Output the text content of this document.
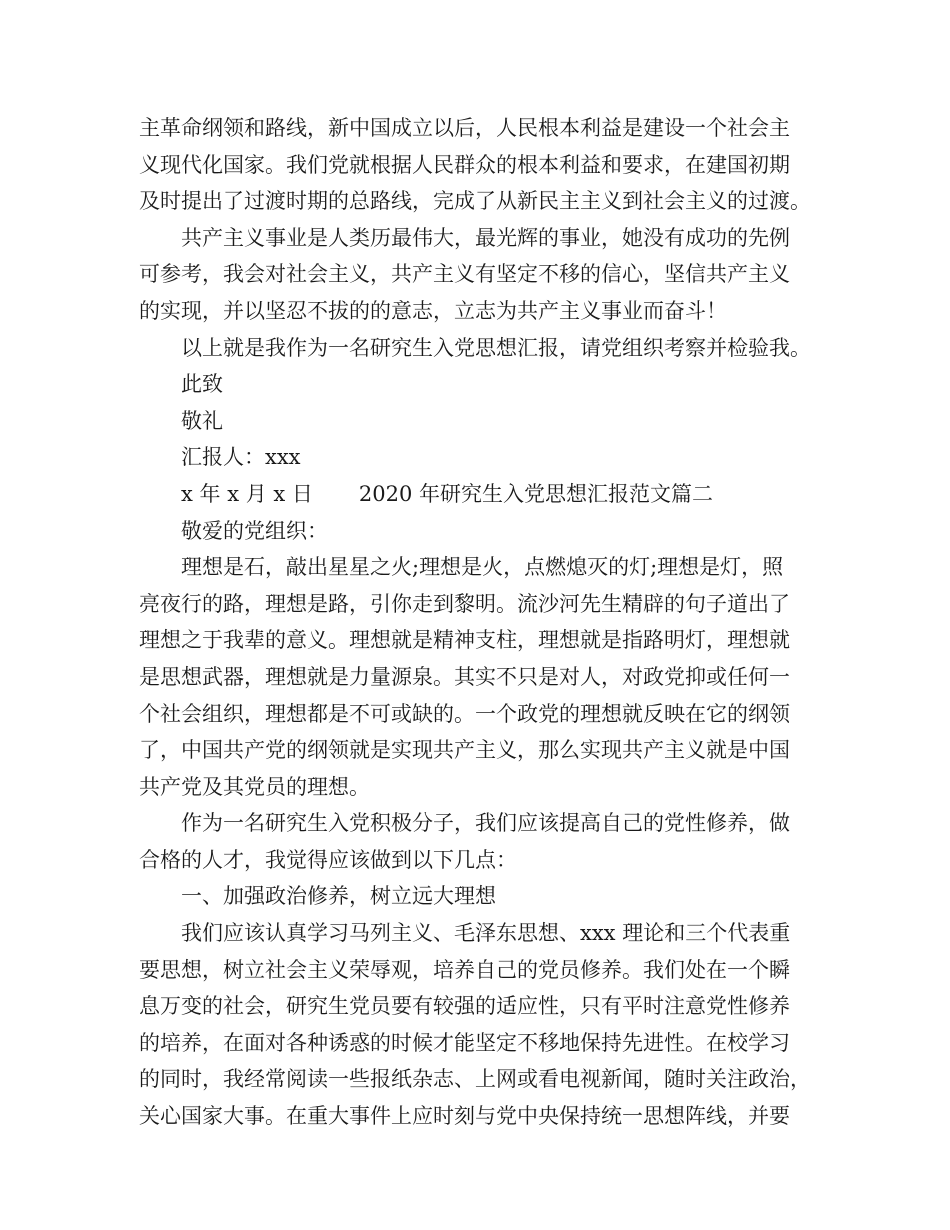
主革命纲领和路线，新中国成立以后，人民根本利益是建设一个社会主
义现代化国家。我们党就根据人民群众的根本利益和要求，在建国初期
及时提出了过渡时期的总路线，完成了从新民主主义到社会主义的过渡。
共产主义事业是人类历最伟大，最光辉的事业，她没有成功的先例
可参考，我会对社会主义，共产主义有坚定不移的信心，坚信共产主义
的实现，并以坚忍不拔的的意志，立志为共产主义事业而奋斗！
以上就是我作为一名研究生入党思想汇报，请党组织考察并检验我。
此致
敬礼
汇报人：xxx
x 年 x 月 x 日 2020 年研究生入党思想汇报范文篇二
敬爱的党组织：
理想是石，敲出星星之火;理想是火，点燃熄灭的灯;理想是灯，照
亮夜行的路，理想是路，引你走到黎明。流沙河先生精辟的句子道出了
理想之于我辈的意义。理想就是精神支柱，理想就是指路明灯，理想就
是思想武器，理想就是力量源泉。其实不只是对人，对政党抑或任何一
个社会组织，理想都是不可或缺的。一个政党的理想就反映在它的纲领
了，中国共产党的纲领就是实现共产主义，那么实现共产主义就是中国
共产党及其党员的理想。
作为一名研究生入党积极分子，我们应该提高自己的党性修养，做
合格的人才，我觉得应该做到以下几点：
一、加强政治修养，树立远大理想
我们应该认真学习马列主义、毛泽东思想、xxx 理论和三个代表重
要思想，树立社会主义荣辱观，培养自己的党员修养。我们处在一个瞬
息万变的社会，研究生党员要有较强的适应性，只有平时注意党性修养
的培养，在面对各种诱惑的时候才能坚定不移地保持先进性。在校学习
的同时，我经常阅读一些报纸杂志、上网或看电视新闻，随时关注政治，
关心国家大事。在重大事件上应时刻与党中央保持统一思想阵线，并要
